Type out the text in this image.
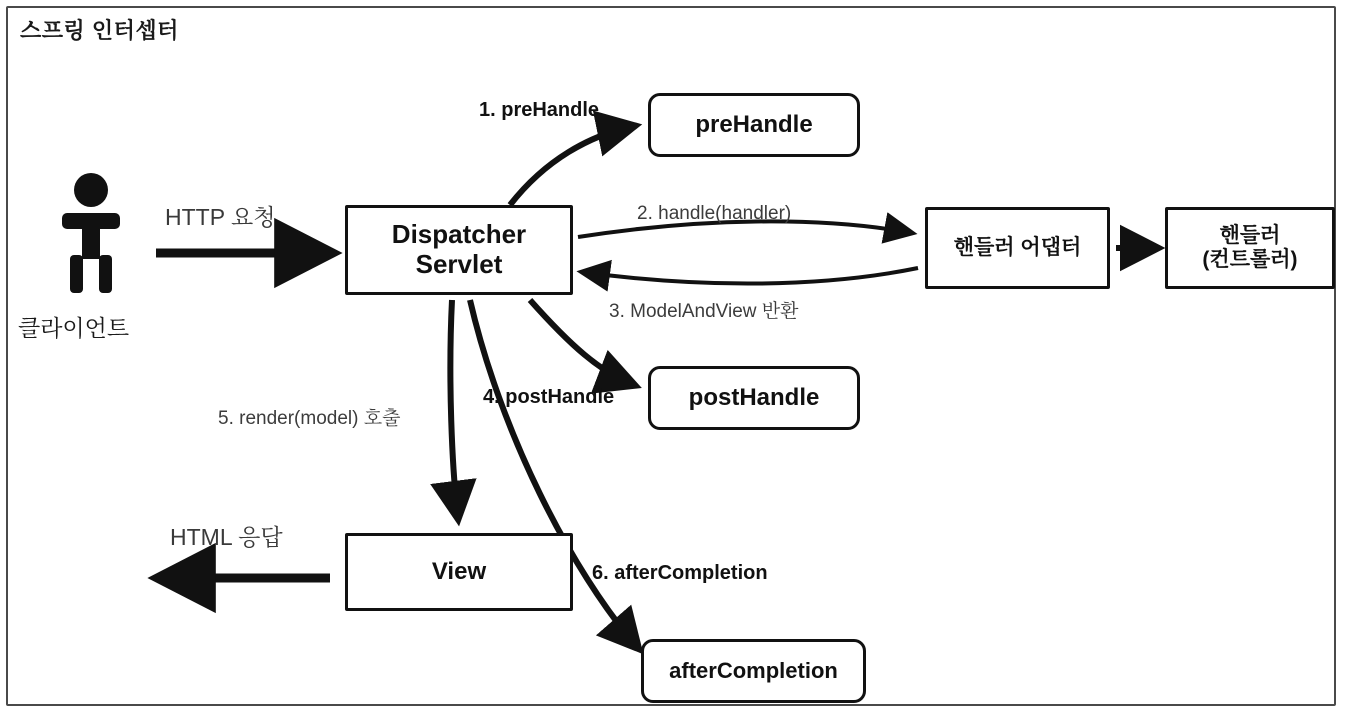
스프링 인터셉터
preHandle
Dispatcher
Servlet
핸들러 어댑터
핸들러
(컨트롤러)
postHandle
View
afterCompletion
HTTP 요청
클라이언트
HTML 응답
1. preHandle
2. handle(handler)
3. ModelAndView 반환
4. postHandle
5. render(model) 호출
6. afterCompletion
